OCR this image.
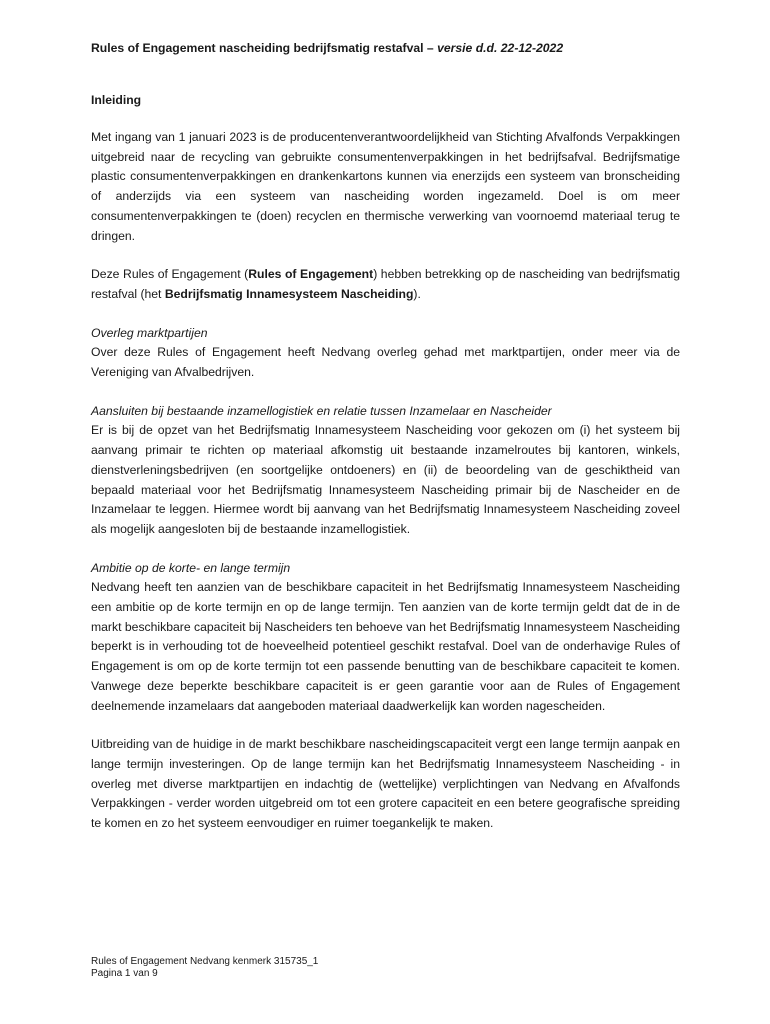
Rules of Engagement nascheiding bedrijfsmatig restafval – versie d.d. 22-12-2022
Inleiding

Met ingang van 1 januari 2023 is de producentenverantwoordelijkheid van Stichting Afvalfonds Verpakkingen uitgebreid naar de recycling van gebruikte consumentenverpakkingen in het bedrijfsafval. Bedrijfsmatige plastic consumentenverpakkingen en drankenkartons kunnen via enerzijds een systeem van bronscheiding of anderzijds via een systeem van nascheiding worden ingezameld. Doel is om meer consumentenverpakkingen te (doen) recyclen en thermische verwerking van voornoemd materiaal terug te dringen.

Deze Rules of Engagement (Rules of Engagement) hebben betrekking op de nascheiding van bedrijfsmatig restafval (het Bedrijfsmatig Innamesysteem Nascheiding).

Overleg marktpartijen

Over deze Rules of Engagement heeft Nedvang overleg gehad met marktpartijen, onder meer via de Vereniging van Afvalbedrijven.

Aansluiten bij bestaande inzamellogistiek en relatie tussen Inzamelaar en Nascheider

Er is bij de opzet van het Bedrijfsmatig Innamesysteem Nascheiding voor gekozen om (i) het systeem bij aanvang primair te richten op materiaal afkomstig uit bestaande inzamelroutes bij kantoren, winkels, dienstverleningsbedrijven (en soortgelijke ontdoeners) en (ii) de beoordeling van de geschiktheid van bepaald materiaal voor het Bedrijfsmatig Innamesysteem Nascheiding primair bij de Nascheider en de Inzamelaar te leggen. Hiermee wordt bij aanvang van het Bedrijfsmatig Innamesysteem Nascheiding zoveel als mogelijk aangesloten bij de bestaande inzamellogistiek.

Ambitie op de korte- en lange termijn

Nedvang heeft ten aanzien van de beschikbare capaciteit in het Bedrijfsmatig Innamesysteem Nascheiding een ambitie op de korte termijn en op de lange termijn. Ten aanzien van de korte termijn geldt dat de in de markt beschikbare capaciteit bij Nascheiders ten behoeve van het Bedrijfsmatig Innamesysteem Nascheiding beperkt is in verhouding tot de hoeveelheid potentieel geschikt restafval. Doel van de onderhavige Rules of Engagement is om op de korte termijn tot een passende benutting van de beschikbare capaciteit te komen. Vanwege deze beperkte beschikbare capaciteit is er geen garantie voor aan de Rules of Engagement deelnemende inzamelaars dat aangeboden materiaal daadwerkelijk kan worden nagescheiden.

Uitbreiding van de huidige in de markt beschikbare nascheidingscapaciteit vergt een lange termijn aanpak en lange termijn investeringen. Op de lange termijn kan het Bedrijfsmatig Innamesysteem Nascheiding - in overleg met diverse marktpartijen en indachtig de (wettelijke) verplichtingen van Nedvang en Afvalfonds Verpakkingen - verder worden uitgebreid om tot een grotere capaciteit en een betere geografische spreiding te komen en zo het systeem eenvoudiger en ruimer toegankelijk te maken.

Rules of Engagement Nedvang kenmerk 315735_1
Pagina 1 van 9
